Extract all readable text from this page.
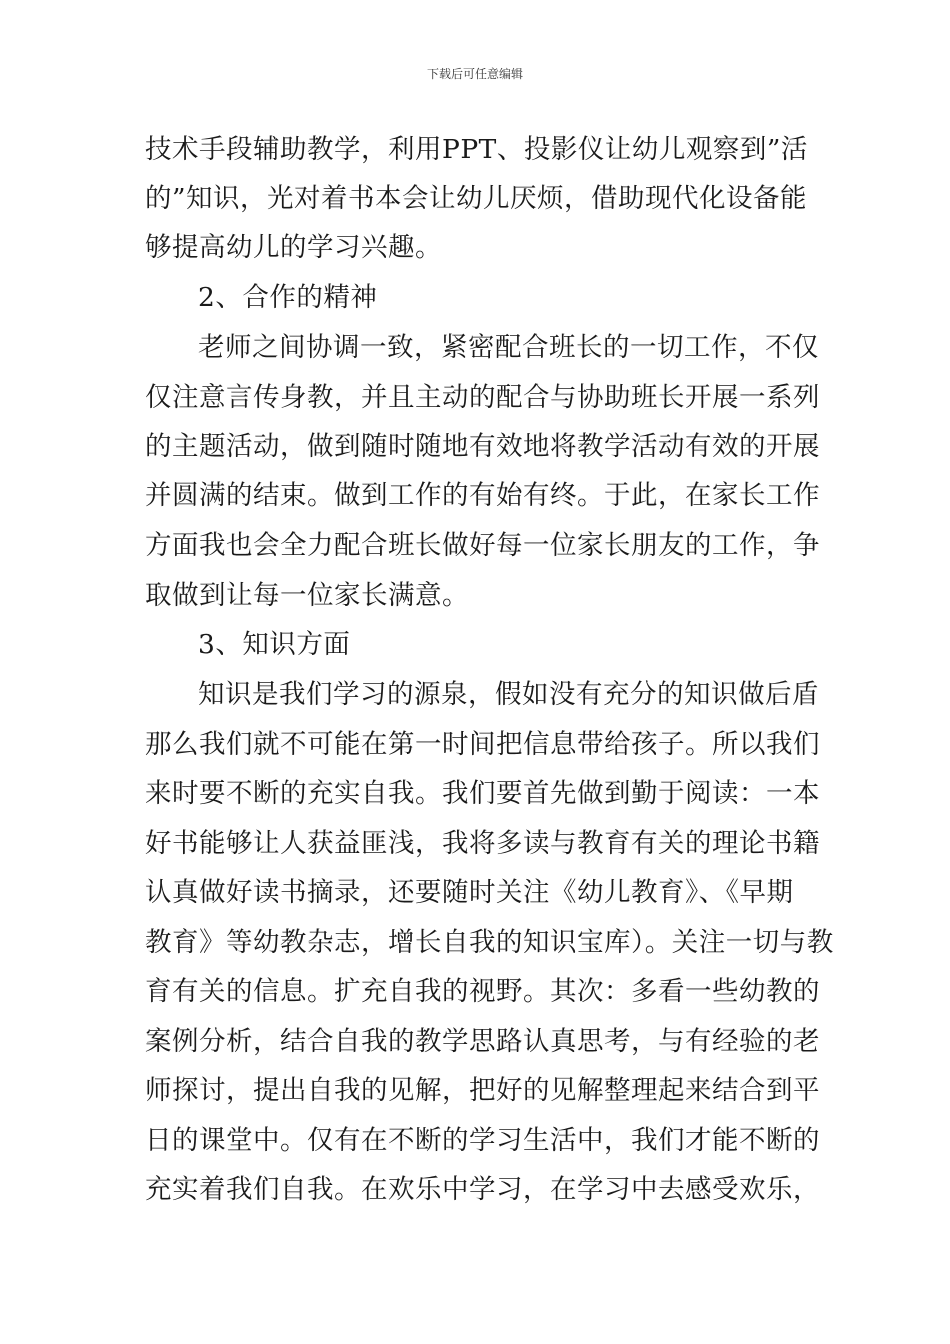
下载后可任意编辑
技术手段辅助教学，利用PPT、投影仪让幼儿观察到”活
的”知识，光对着书本会让幼儿厌烦，借助现代化设备能
够提高幼儿的学习兴趣。
2、合作的精神
老师之间协调一致，紧密配合班长的一切工作，不仅
仅注意言传身教，并且主动的配合与协助班长开展一系列
的主题活动，做到随时随地有效地将教学活动有效的开展
并圆满的结束。做到工作的有始有终。于此，在家长工作
方面我也会全力配合班长做好每一位家长朋友的工作，争
取做到让每一位家长满意。
3、知识方面
知识是我们学习的源泉，假如没有充分的知识做后盾
那么我们就不可能在第一时间把信息带给孩子。所以我们
来时要不断的充实自我。我们要首先做到勤于阅读：一本
好书能够让人获益匪浅，我将多读与教育有关的理论书籍
认真做好读书摘录，还要随时关注《幼儿教育》、《早期
教育》等幼教杂志，增长自我的知识宝库）。关注一切与教
育有关的信息。扩充自我的视野。其次：多看一些幼教的
案例分析，结合自我的教学思路认真思考，与有经验的老
师探讨，提出自我的见解，把好的见解整理起来结合到平
日的课堂中。仅有在不断的学习生活中，我们才能不断的
充实着我们自我。在欢乐中学习，在学习中去感受欢乐，
